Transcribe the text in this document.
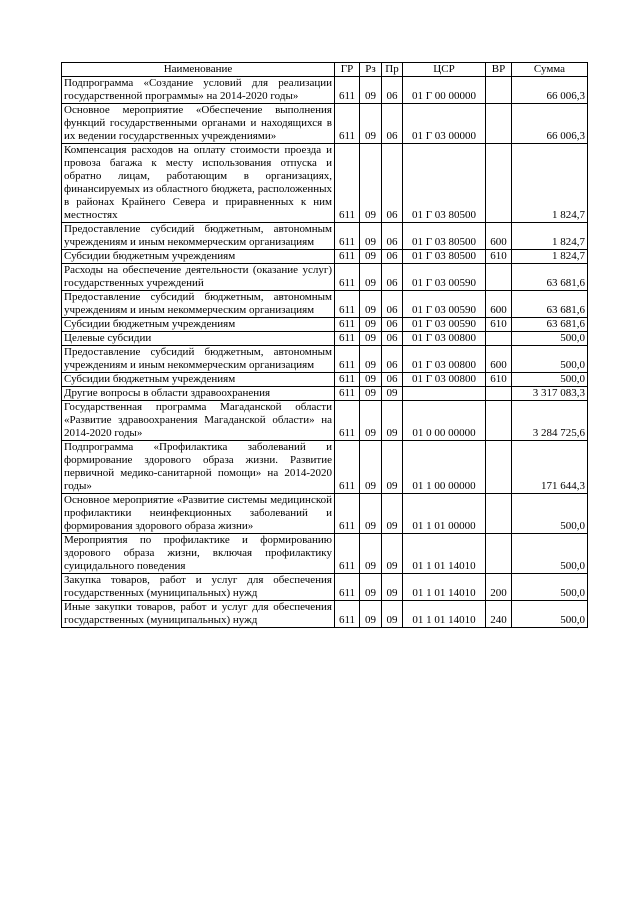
Наименование	ГР	Рз	Пр	ЦСР	ВР	Сумма
Подпрограмма «Создание условий для реализации государственной программы» на 2014-2020 годы»	611	09	06	01 Г 00 00000		66 006,3
Основное мероприятие «Обеспечение выполнения функций государственными органами и находящихся в их ведении государственных учреждениями»	611	09	06	01 Г 03 00000		66 006,3
Компенсация расходов на оплату стоимости проезда и провоза багажа к месту использования отпуска и обратно лицам, работающим в организациях, финансируемых из областного бюджета, расположенных в районах Крайнего Севера и приравненных к ним местностях	611	09	06	01 Г 03 80500		1 824,7
Предоставление субсидий бюджетным, автономным учреждениям и иным некоммерческим организациям	611	09	06	01 Г 03 80500	600	1 824,7
Субсидии бюджетным учреждениям	611	09	06	01 Г 03 80500	610	1 824,7
Расходы на обеспечение деятельности (оказание услуг) государственных учреждений	611	09	06	01 Г 03 00590		63 681,6
Предоставление субсидий бюджетным, автономным учреждениям и иным некоммерческим организациям	611	09	06	01 Г 03 00590	600	63 681,6
Субсидии бюджетным учреждениям	611	09	06	01 Г 03 00590	610	63 681,6
Целевые субсидии	611	09	06	01 Г 03 00800		500,0
Предоставление субсидий бюджетным, автономным учреждениям и иным некоммерческим организациям	611	09	06	01 Г 03 00800	600	500,0
Субсидии бюджетным учреждениям	611	09	06	01 Г 03 00800	610	500,0
Другие вопросы в области здравоохранения	611	09	09			3 317 083,3
Государственная программа Магаданской области «Развитие здравоохранения Магаданской области» на 2014-2020 годы»	611	09	09	01 0 00 00000		3 284 725,6
Подпрограмма «Профилактика заболеваний и формирование здорового образа жизни. Развитие первичной медико-санитарной помощи» на 2014-2020 годы»	611	09	09	01 1 00 00000		171 644,3
Основное мероприятие «Развитие системы медицинской профилактики неинфекционных заболеваний и формирования здорового образа жизни»	611	09	09	01 1 01 00000		500,0
Мероприятия по профилактике и формированию здорового образа жизни, включая профилактику суицидального поведения	611	09	09	01 1 01 14010		500,0
Закупка товаров, работ и услуг для обеспечения государственных (муниципальных) нужд	611	09	09	01 1 01 14010	200	500,0
Иные закупки товаров, работ и услуг для обеспечения государственных (муниципальных) нужд	611	09	09	01 1 01 14010	240	500,0
